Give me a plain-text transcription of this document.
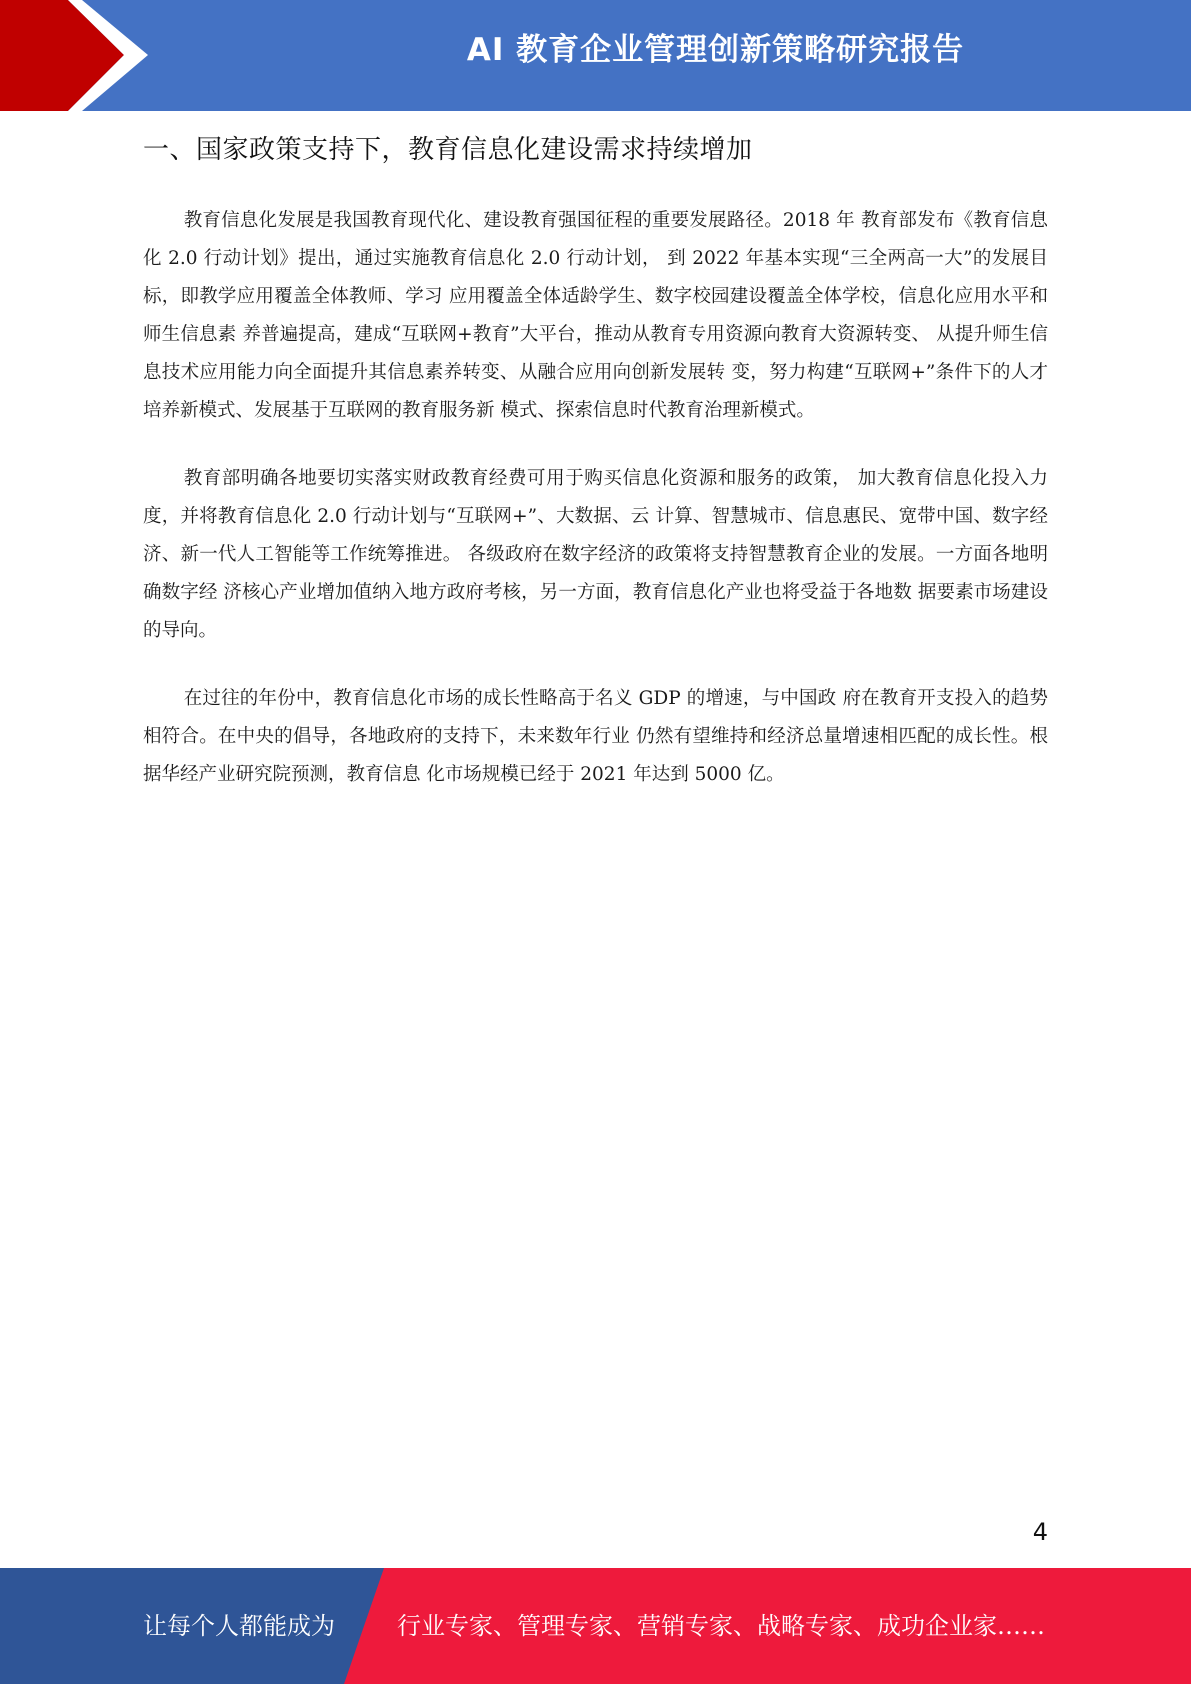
AI 教育企业管理创新策略研究报告
一、国家政策支持下，教育信息化建设需求持续增加

教育信息化发展是我国教育现代化、建设教育强国征程的重要发展路径。2018 年 教育部发布《教育信息化 2.0 行动计划》提出，通过实施教育信息化 2.0 行动计划， 到 2022 年基本实现“三全两高一大”的发展目标，即教学应用覆盖全体教师、学习 应用覆盖全体适龄学生、数字校园建设覆盖全体学校，信息化应用水平和师生信息素 养普遍提高，建成“互联网+教育”大平台，推动从教育专用资源向教育大资源转变、 从提升师生信息技术应用能力向全面提升其信息素养转变、从融合应用向创新发展转 变，努力构建“互联网+”条件下的人才培养新模式、发展基于互联网的教育服务新 模式、探索信息时代教育治理新模式。

教育部明确各地要切实落实财政教育经费可用于购买信息化资源和服务的政策， 加大教育信息化投入力度，并将教育信息化 2.0 行动计划与“互联网+”、大数据、云 计算、智慧城市、信息惠民、宽带中国、数字经济、新一代人工智能等工作统筹推进。 各级政府在数字经济的政策将支持智慧教育企业的发展。一方面各地明确数字经 济核心产业增加值纳入地方政府考核，另一方面，教育信息化产业也将受益于各地数 据要素市场建设的导向。

在过往的年份中，教育信息化市场的成长性略高于名义 GDP 的增速，与中国政 府在教育开支投入的趋势相符合。在中央的倡导，各地政府的支持下，未来数年行业 仍然有望维持和经济总量增速相匹配的成长性。根据华经产业研究院预测，教育信息 化市场规模已经于 2021 年达到 5000 亿。

4
让每个人都能成为	行业专家、管理专家、营销专家、战略专家、成功企业家……
